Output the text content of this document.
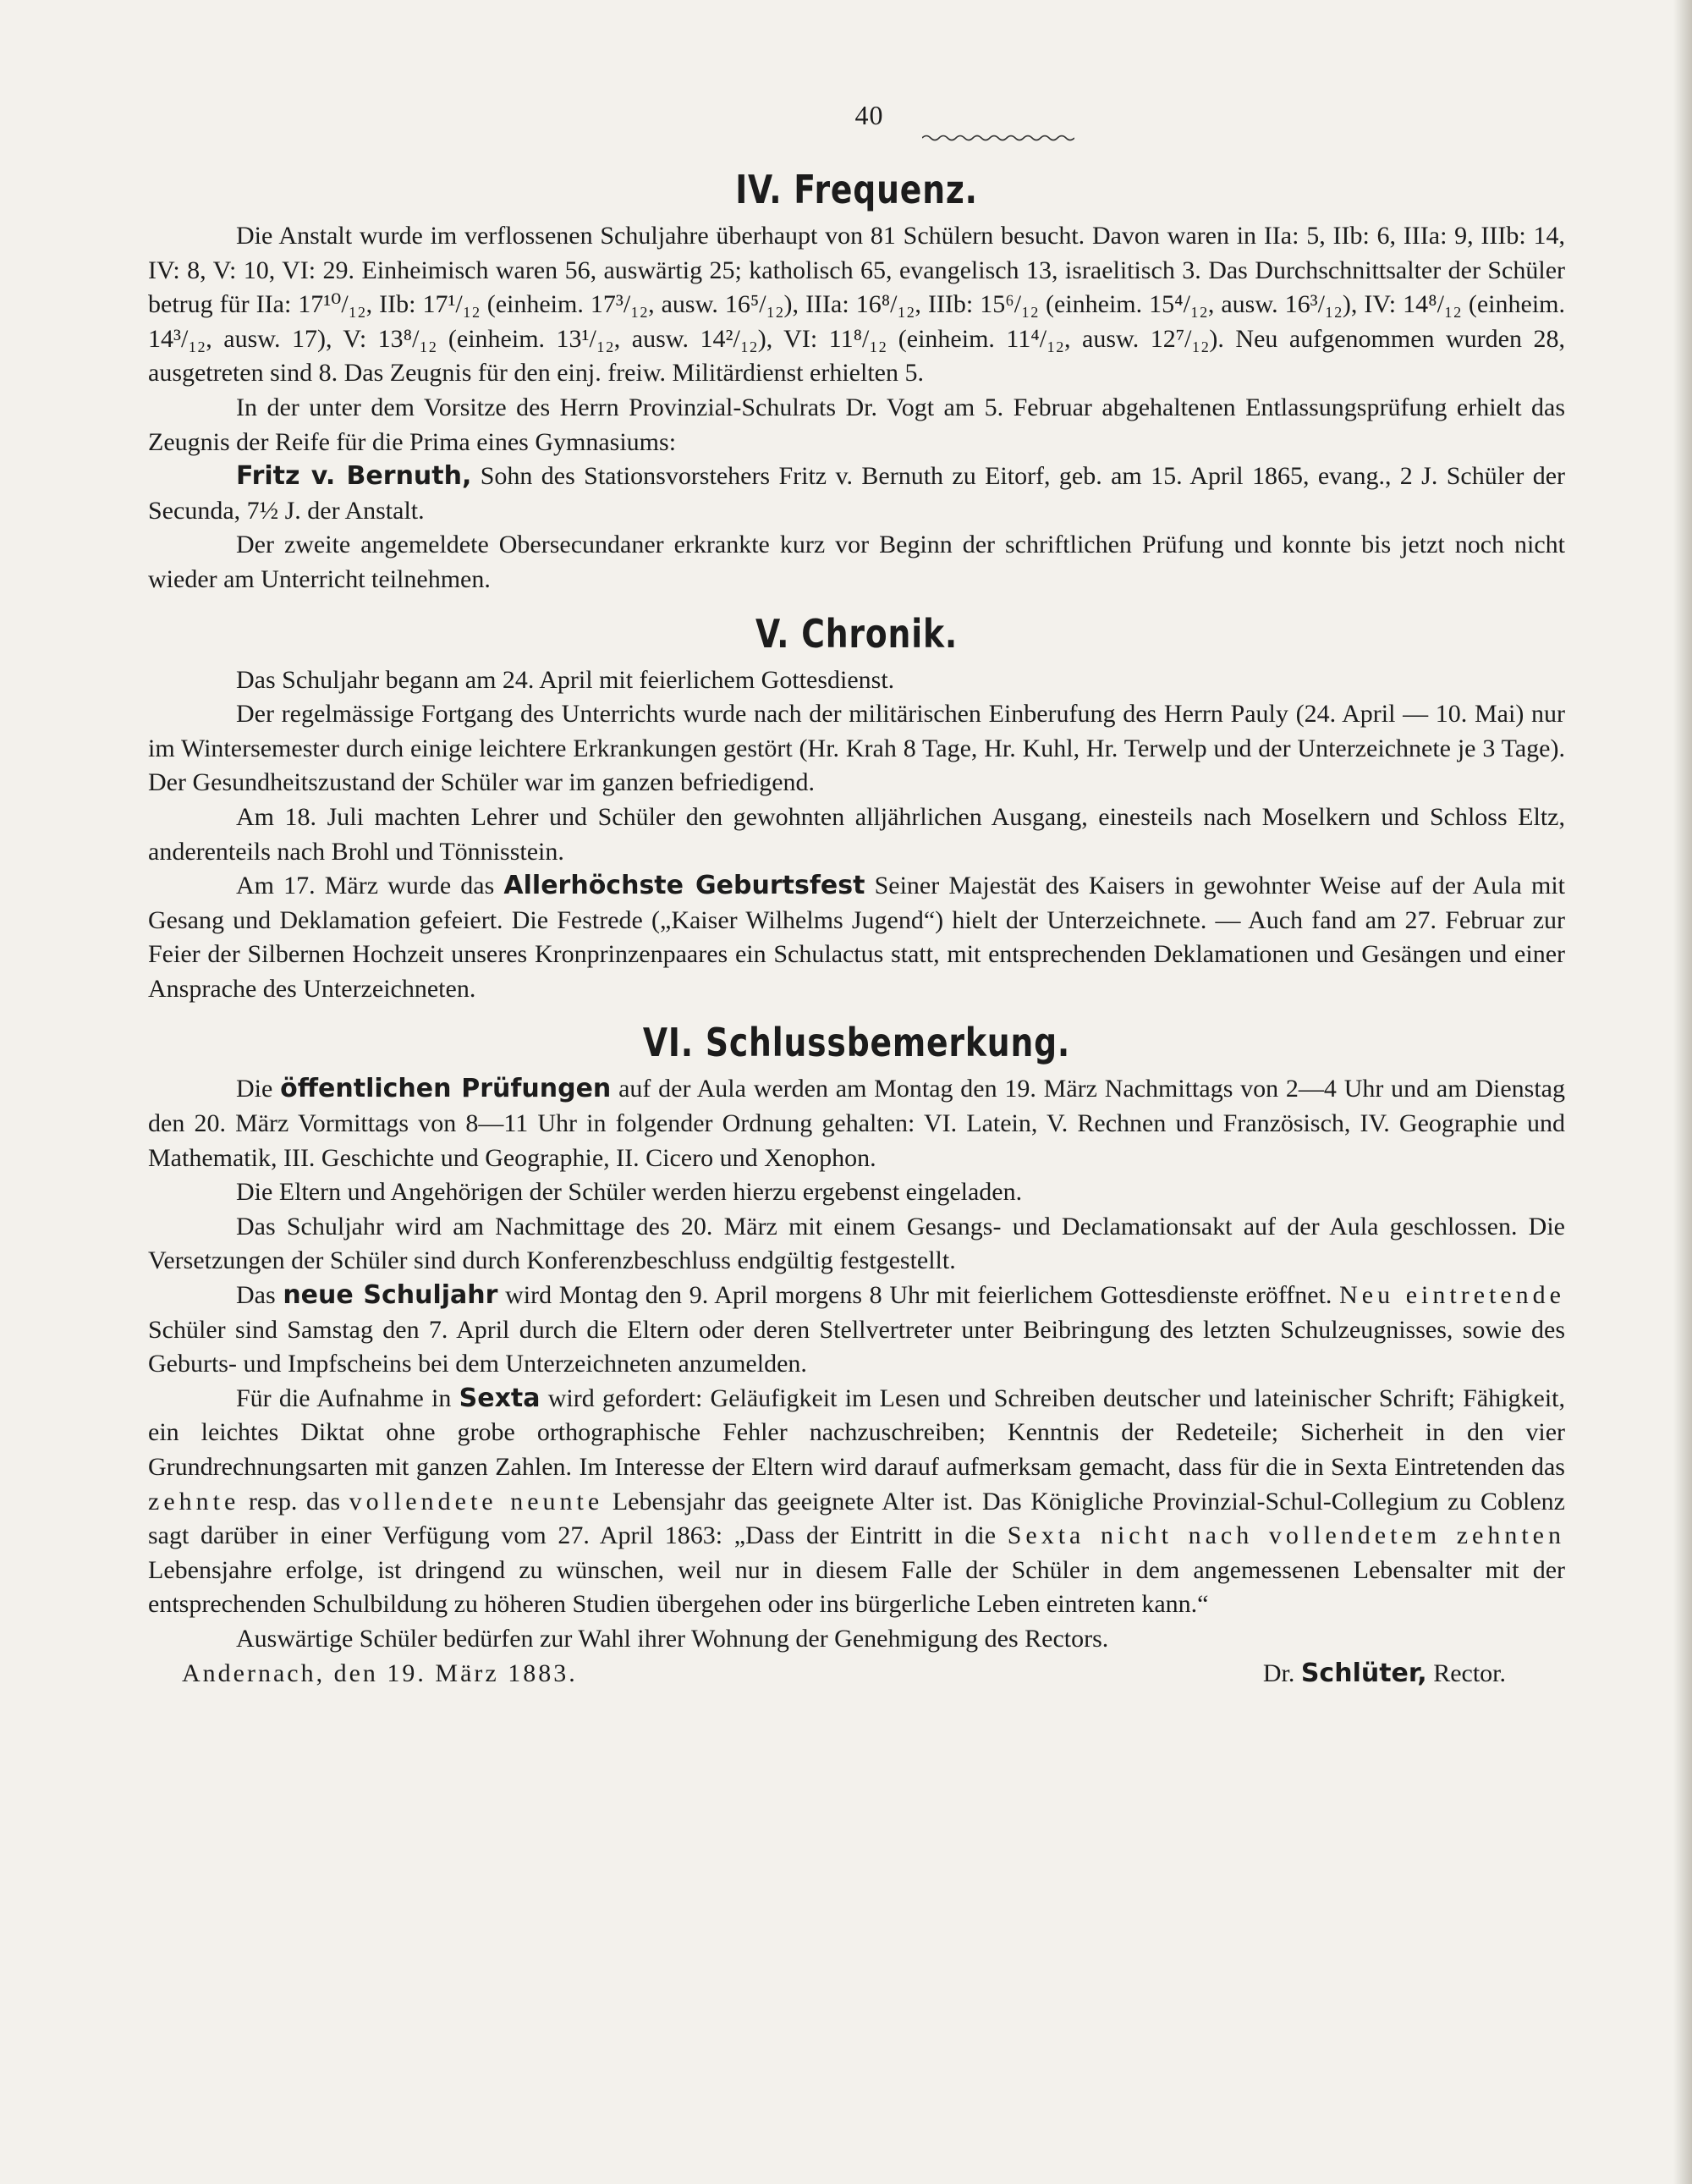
40
IV. Frequenz.

Die Anstalt wurde im verflossenen Schuljahre überhaupt von 81 Schülern besucht. Davon waren in IIa: 5, IIb: 6, IIIa: 9, IIIb: 14, IV: 8, V: 10, VI: 29. Einheimisch waren 56, auswärtig 25; katholisch 65, evangelisch 13, israelitisch 3. Das Durchschnittsalter der Schüler betrug für IIa: 17¹⁰/₁₂, IIb: 17¹/₁₂ (einheim. 17³/₁₂, ausw. 16⁵/₁₂), IIIa: 16⁸/₁₂, IIIb: 15⁶/₁₂ (einheim. 15⁴/₁₂, ausw. 16³/₁₂), IV: 14⁸/₁₂ (einheim. 14³/₁₂, ausw. 17), V: 13⁸/₁₂ (einheim. 13¹/₁₂, ausw. 14²/₁₂), VI: 11⁸/₁₂ (einheim. 11⁴/₁₂, ausw. 12⁷/₁₂). Neu aufgenommen wurden 28, ausgetreten sind 8. Das Zeugnis für den einj. freiw. Militärdienst erhielten 5.

In der unter dem Vorsitze des Herrn Provinzial-Schulrats Dr. Vogt am 5. Februar abgehaltenen Entlassungsprüfung erhielt das Zeugnis der Reife für die Prima eines Gymnasiums:

Fritz v. Bernuth, Sohn des Stationsvorstehers Fritz v. Bernuth zu Eitorf, geb. am 15. April 1865, evang., 2 J. Schüler der Secunda, 7½ J. der Anstalt.

Der zweite angemeldete Obersecundaner erkrankte kurz vor Beginn der schriftlichen Prüfung und konnte bis jetzt noch nicht wieder am Unterricht teilnehmen.

V. Chronik.

Das Schuljahr begann am 24. April mit feierlichem Gottesdienst.

Der regelmässige Fortgang des Unterrichts wurde nach der militärischen Einberufung des Herrn Pauly (24. April — 10. Mai) nur im Wintersemester durch einige leichtere Erkrankungen gestört (Hr. Krah 8 Tage, Hr. Kuhl, Hr. Terwelp und der Unterzeichnete je 3 Tage). Der Gesundheitszustand der Schüler war im ganzen befriedigend.

Am 18. Juli machten Lehrer und Schüler den gewohnten alljährlichen Ausgang, einesteils nach Moselkern und Schloss Eltz, anderenteils nach Brohl und Tönnisstein.

Am 17. März wurde das Allerhöchste Geburtsfest Seiner Majestät des Kaisers in gewohnter Weise auf der Aula mit Gesang und Deklamation gefeiert. Die Festrede („Kaiser Wilhelms Jugend“) hielt der Unterzeichnete. — Auch fand am 27. Februar zur Feier der Silbernen Hochzeit unseres Kronprinzenpaares ein Schulactus statt, mit entsprechenden Deklamationen und Gesängen und einer Ansprache des Unterzeichneten.

VI. Schlussbemerkung.

Die öffentlichen Prüfungen auf der Aula werden am Montag den 19. März Nachmittags von 2—4 Uhr und am Dienstag den 20. März Vormittags von 8—11 Uhr in folgender Ordnung gehalten: VI. Latein, V. Rechnen und Französisch, IV. Geographie und Mathematik, III. Geschichte und Geographie, II. Cicero und Xenophon.

Die Eltern und Angehörigen der Schüler werden hierzu ergebenst eingeladen.

Das Schuljahr wird am Nachmittage des 20. März mit einem Gesangs- und Declamationsakt auf der Aula geschlossen. Die Versetzungen der Schüler sind durch Konferenzbeschluss endgültig festgestellt.

Das neue Schuljahr wird Montag den 9. April morgens 8 Uhr mit feierlichem Gottesdienste eröffnet. Neu eintretende Schüler sind Samstag den 7. April durch die Eltern oder deren Stellvertreter unter Beibringung des letzten Schulzeugnisses, sowie des Geburts- und Impfscheins bei dem Unterzeichneten anzumelden.

Für die Aufnahme in Sexta wird gefordert: Geläufigkeit im Lesen und Schreiben deutscher und lateinischer Schrift; Fähigkeit, ein leichtes Diktat ohne grobe orthographische Fehler nachzuschreiben; Kenntnis der Redeteile; Sicherheit in den vier Grundrechnungsarten mit ganzen Zahlen. Im Interesse der Eltern wird darauf aufmerksam gemacht, dass für die in Sexta Eintretenden das zehnte resp. das vollendete neunte Lebensjahr das geeignete Alter ist. Das Königliche Provinzial-Schul-Collegium zu Coblenz sagt darüber in einer Verfügung vom 27. April 1863: „Dass der Eintritt in die Sexta nicht nach vollendetem zehnten Lebensjahre erfolge, ist dringend zu wünschen, weil nur in diesem Falle der Schüler in dem angemessenen Lebensalter mit der entsprechenden Schulbildung zu höheren Studien übergehen oder ins bürgerliche Leben eintreten kann.“

Auswärtige Schüler bedürfen zur Wahl ihrer Wohnung der Genehmigung des Rectors.

Andernach, den 19. März 1883.	Dr. Schlüter, Rector.
